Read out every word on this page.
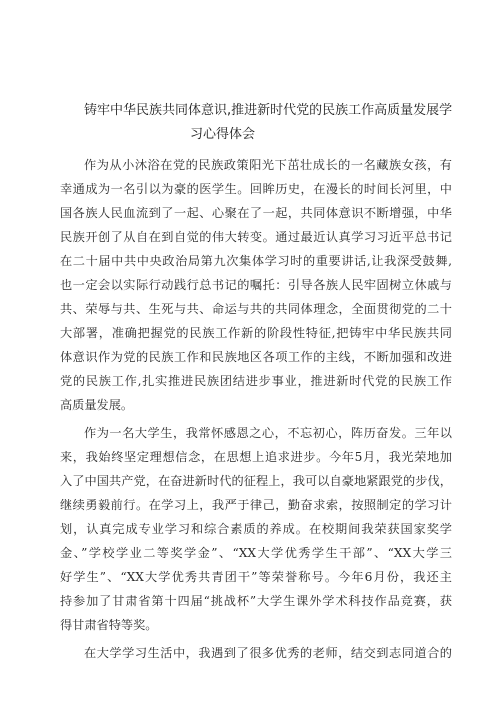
铸牢中华民族共同体意识,推进新时代党的民族工作高质量发展学
习心得体会
作为从小沐浴在党的民族政策阳光下茁壮成长的一名藏族女孩，有
幸通成为一名引以为豪的医学生。回眸历史，在漫长的时间长河里，中
国各族人民血流到了一起、心聚在了一起，共同体意识不断增强，中华
民族开创了从自在到自觉的伟大转变。通过最近认真学习习近平总书记
在二十届中共中央政治局第九次集体学习时的重要讲话,让我深受鼓舞,
也一定会以实际行动践行总书记的嘱托：引导各族人民牢固树立休戚与
共、荣辱与共、生死与共、命运与共的共同体理念，全面贯彻党的二十
大部署，准确把握党的民族工作新的阶段性特征,把铸牢中华民族共同
体意识作为党的民族工作和民族地区各项工作的主线，不断加强和改进
党的民族工作,扎实推进民族团结进步事业，推进新时代党的民族工作
高质量发展。
作为一名大学生，我常怀感恩之心，不忘初心，阵历奋发。三年以
来，我始终坚定理想信念，在思想上追求进步。今年5月，我光荣地加
入了中国共产党，在奋进新时代的征程上，我可以自豪地紧跟党的步伐，
继续勇毅前行。在学习上，我严于律己，勤奋求索，按照制定的学习计
划，认真完成专业学习和综合素质的养成。在校期间我荣获国家奖学
金、”学校学业二等奖学金”、“XX大学优秀学生干部”、“XX大学三
好学生”、“XX大学优秀共青团干”等荣誉称号。今年6月份，我还主
持参加了甘肃省第十四届“挑战杯”大学生课外学术科技作品竞赛，获
得甘肃省特等奖。
在大学学习生活中，我遇到了很多优秀的老师，结交到志同道合的
